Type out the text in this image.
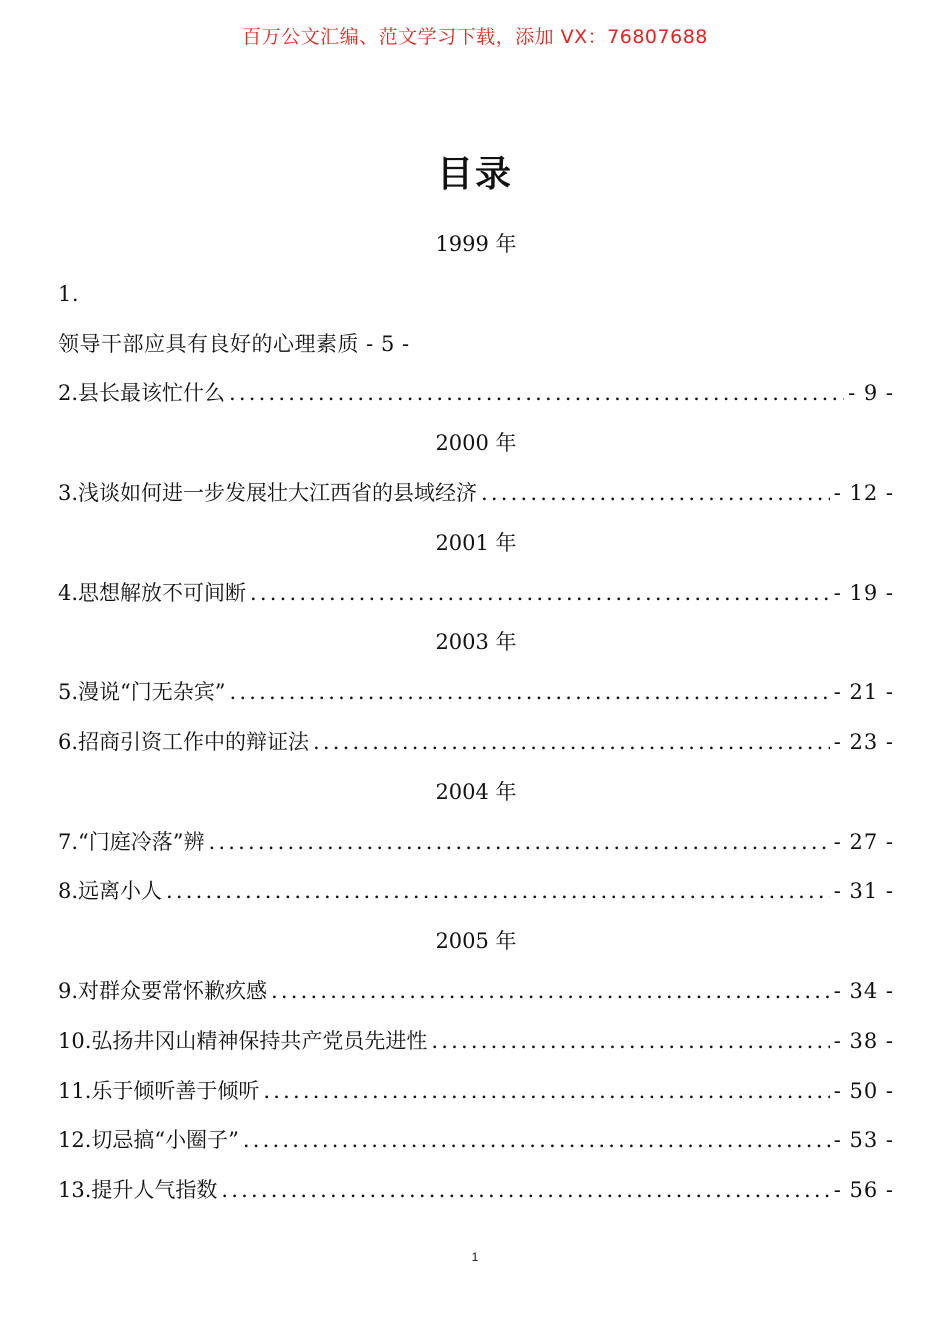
百万公文汇编、范文学习下载，添加 VX：76807688
目录
1999 年
1.
领导干部应具有良好的心理素质 - 5 -
2.县长最该忙什么 .....	- 9 -
2000 年
3.浅谈如何进一步发展壮大江西省的县域经济 .....	- 12 -
2001 年
4.思想解放不可间断 .....	- 19 -
2003 年
5.漫说“门无杂宾” .....	- 21 -
6.招商引资工作中的辩证法 .....	- 23 -
2004 年
7.“门庭冷落”辨 .....	- 27 -
8.远离小人 .....	- 31 -
2005 年
9.对群众要常怀歉疚感 .....	- 34 -
10.弘扬井冈山精神保持共产党员先进性 .....	- 38 -
11.乐于倾听善于倾听 .....	- 50 -
12.切忌搞“小圈子” .....	- 53 -
13.提升人气指数 .....	- 56 -
1
